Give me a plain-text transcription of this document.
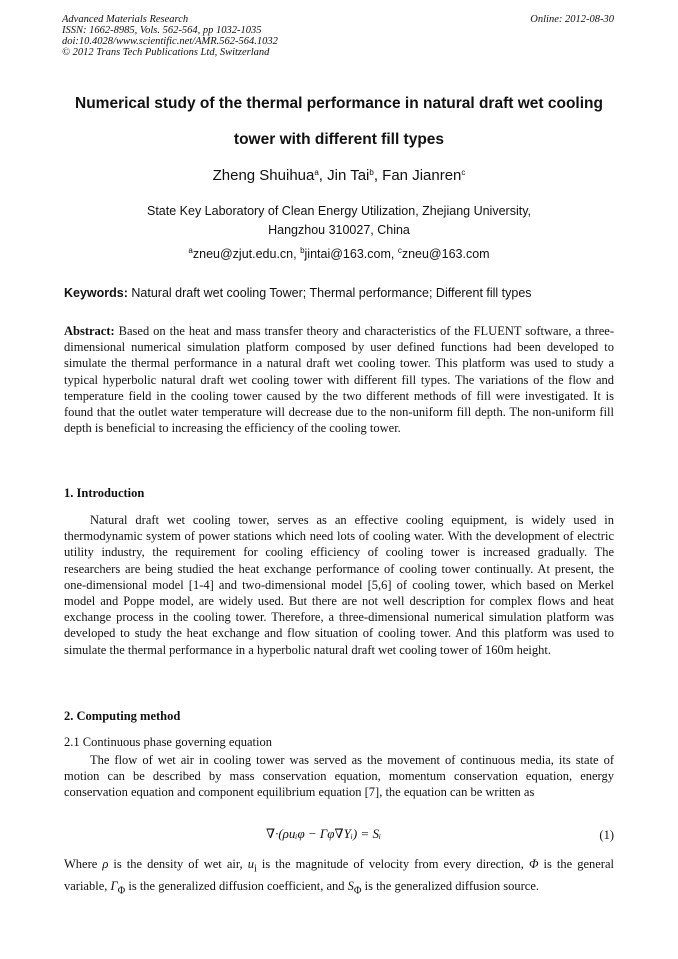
Advanced Materials Research
ISSN: 1662-8985, Vols. 562-564, pp 1032-1035
doi:10.4028/www.scientific.net/AMR.562-564.1032
© 2012 Trans Tech Publications Ltd, Switzerland
Online: 2012-08-30
Numerical study of the thermal performance in natural draft wet cooling
tower with different fill types
Zheng Shuihua$^a$, Jin Tai$^b$, Fan Jianren$^c$
State Key Laboratory of Clean Energy Utilization, Zhejiang University,
Hangzhou 310027, China
$^a$zneu@zjut.edu.cn, $^b$jintai@163.com, $^c$zneu@163.com
Keywords: Natural draft wet cooling Tower; Thermal performance; Different fill types

Abstract: Based on the heat and mass transfer theory and characteristics of the FLUENT software, a three-dimensional numerical simulation platform composed by user defined functions had been developed to simulate the thermal performance in a natural draft wet cooling tower. This platform was used to study a typical hyperbolic natural draft wet cooling tower with different fill types. The variations of the flow and temperature field in the cooling tower caused by the two different methods of fill were investigated. It is found that the outlet water temperature will decrease due to the non-uniform fill depth. The non-uniform fill depth is beneficial to increasing the efficiency of the cooling tower.

1. Introduction

Natural draft wet cooling tower, serves as an effective cooling equipment, is widely used in thermodynamic system of power stations which need lots of cooling water. With the development of electric utility industry, the requirement for cooling efficiency of cooling tower is increased gradually. The researchers are being studied the heat exchange performance of cooling tower continually. At present, the one-dimensional model [1-4] and two-dimensional model [5,6] of cooling tower, which based on Merkel model and Poppe model, are widely used. But there are not well description for complex flows and heat exchange process in the cooling tower. Therefore, a three-dimensional numerical simulation platform was developed to study the heat exchange and flow situation of cooling tower. And this platform was used to simulate the thermal performance in a hyperbolic natural draft wet cooling tower of 160m height.

2. Computing method
2.1 Continuous phase governing equation

The flow of wet air in cooling tower was served as the movement of continuous media, its state of motion can be described by mass conservation equation, momentum conservation equation, energy conservation equation and component equilibrium equation [7], the equation can be written as

∇·(ρuᵢφ − Γφ∇Yᵢ) = Sᵢ	(1)

Where ρ is the density of wet air, $u_i$ is the magnitude of velocity from every direction, Φ is the general variable, $\Gamma_\Phi$ is the generalized diffusion coefficient, and $S_\Phi$ is the generalized diffusion source.
